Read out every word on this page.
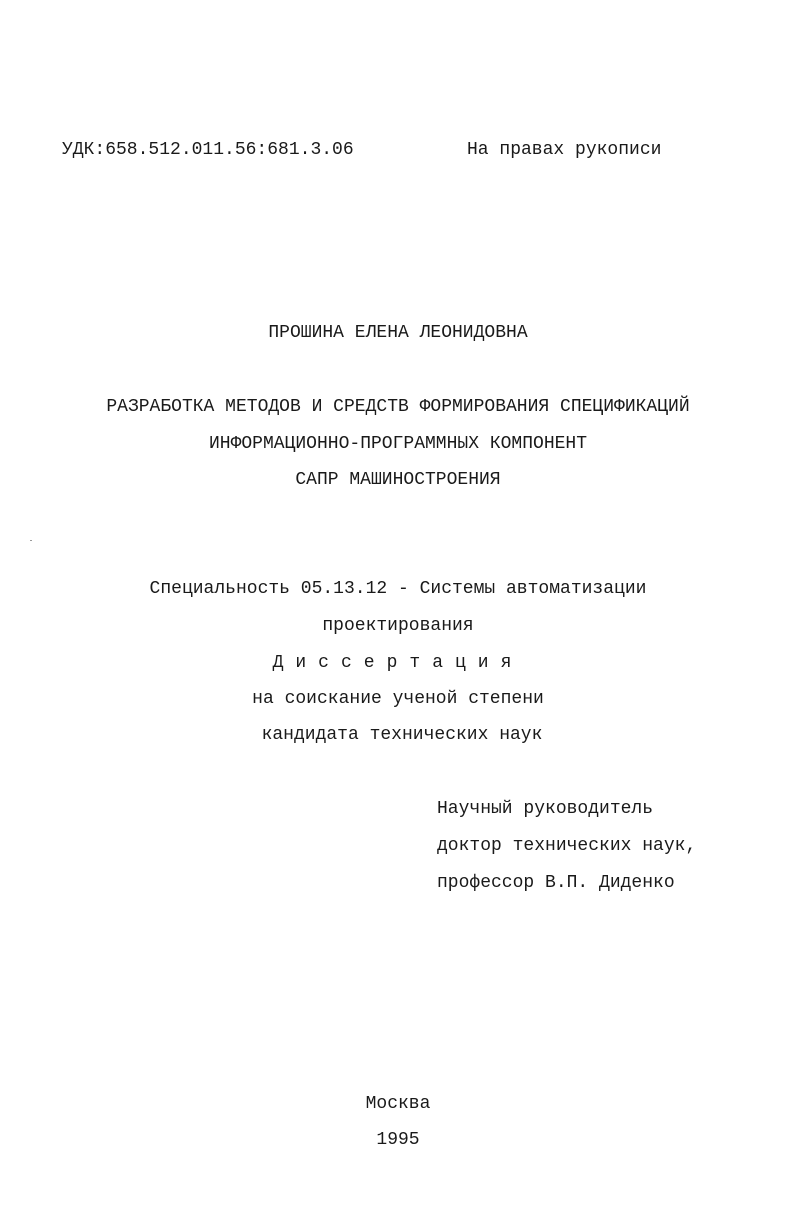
УДК:658.512.011.56:681.3.06	На правах рукописи
ПРОШИНА ЕЛЕНА ЛЕОНИДОВНА
РАЗРАБОТКА МЕТОДОВ И СРЕДСТВ ФОРМИРОВАНИЯ СПЕЦИФИКАЦИЙ
ИНФОРМАЦИОННО-ПРОГРАММНЫХ КОМПОНЕНТ
САПР МАШИНОСТРОЕНИЯ
Специальность 05.13.12 - Системы автоматизации
проектирования
Диссертация
на соискание ученой степени
кандидата технических наук
Научный руководитель
доктор технических наук,
профессор В.П. Диденко
Москва
1995
